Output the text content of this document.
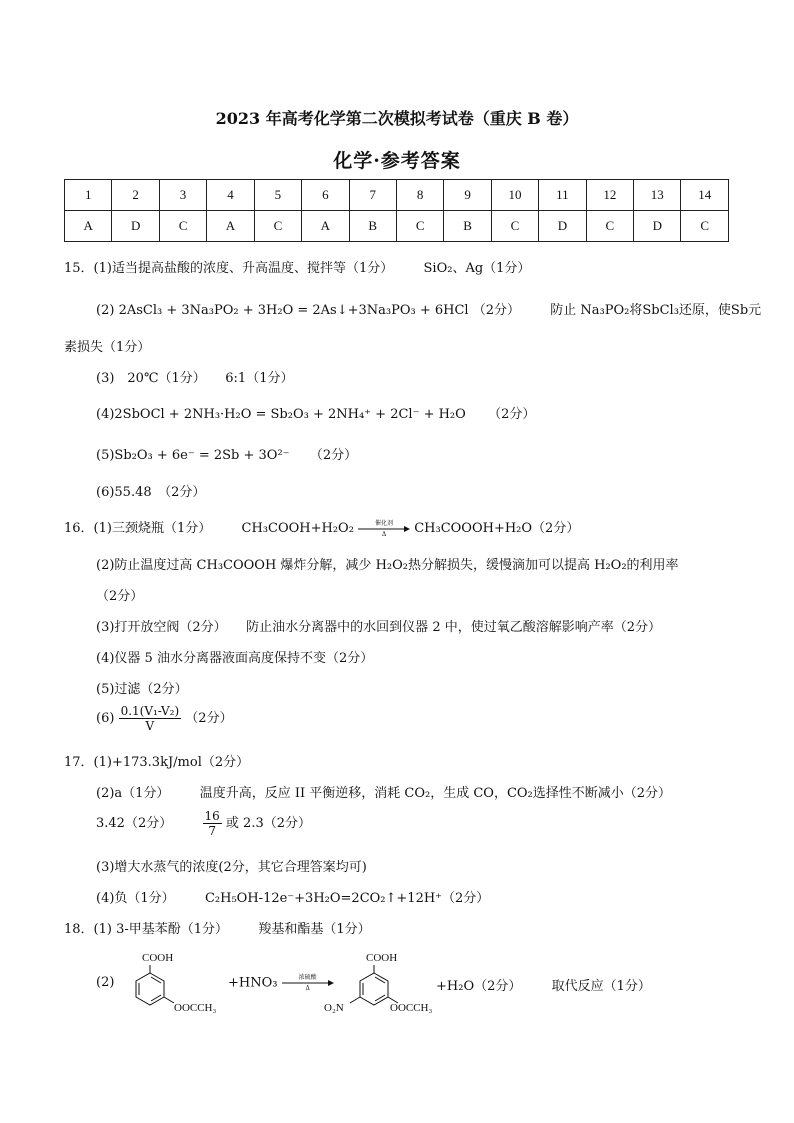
2023 年高考化学第二次模拟考试卷（重庆 B 卷）
化学·参考答案
1	2	3	4	5	6	7	8	9	10	11	12	13	14
A	D	C	A	C	A	B	C	B	C	D	C	D	C
15．(1)适当提高盐酸的浓度、升高温度、搅拌等（1分） SiO₂、Ag（1分）
(2) 2AsCl₃ + 3Na₃PO₂ + 3H₂O = 2As↓+3Na₃PO₃ + 6HCl （2分） 防止 Na₃PO₂将SbCl₃还原，使Sb元
素损失（1分）
(3)　20℃（1分）　　6:1（1分）
(4)2SbOCl + 2NH₃·H₂O = Sb₂O₃ + 2NH₄⁺ + 2Cl⁻ + H₂O （2分）
(5)Sb₂O₃ + 6e⁻ = 2Sb + 3O²⁻ （2分）
(6)55.48　（2分）
16．(1)三颈烧瓶（1分） CH₃COOH+H₂O₂	催化剂
Δ	CH₃COOOH+H₂O（2分）
(2)防止温度过高 CH₃COOOH 爆炸分解，减少 H₂O₂热分解损失，缓慢滴加可以提高 H₂O₂的利用率
（2分）
(3)打开放空阀（2分）　　防止油水分离器中的水回到仪器 2 中，使过氧乙酸溶解影响产率（2分）
(4)仪器 5 油水分离器液面高度保持不变（2分）
(5)过滤（2分）
$(6) \frac{\text{0.1(V₁-V₂)}}{V} (2$分）
17．(1)+173.3kJ/mol（2分）
(2)a（1分） 温度升高，反应 II 平衡逆移，消耗 CO₂，生成 CO，CO₂选择性不断减小（2分）
3.42（2分）	$\frac{16}{7}$ 或 2.3（2分）
(3)增大水蒸气的浓度(2分，其它合理答案均可)
(4)负（1分） C₂H₅OH-12e⁻+3H₂O=2CO₂↑+12H⁺（2分）
18．(1) 3-甲基苯酚（1分） 羧基和酯基（1分）
(2)
COOH
OOCCH₃
+HNO₃	浓硫酸
Δ
COOH
O₂N	OOCCH₃
+H₂O（2分） 取代反应（1分）
